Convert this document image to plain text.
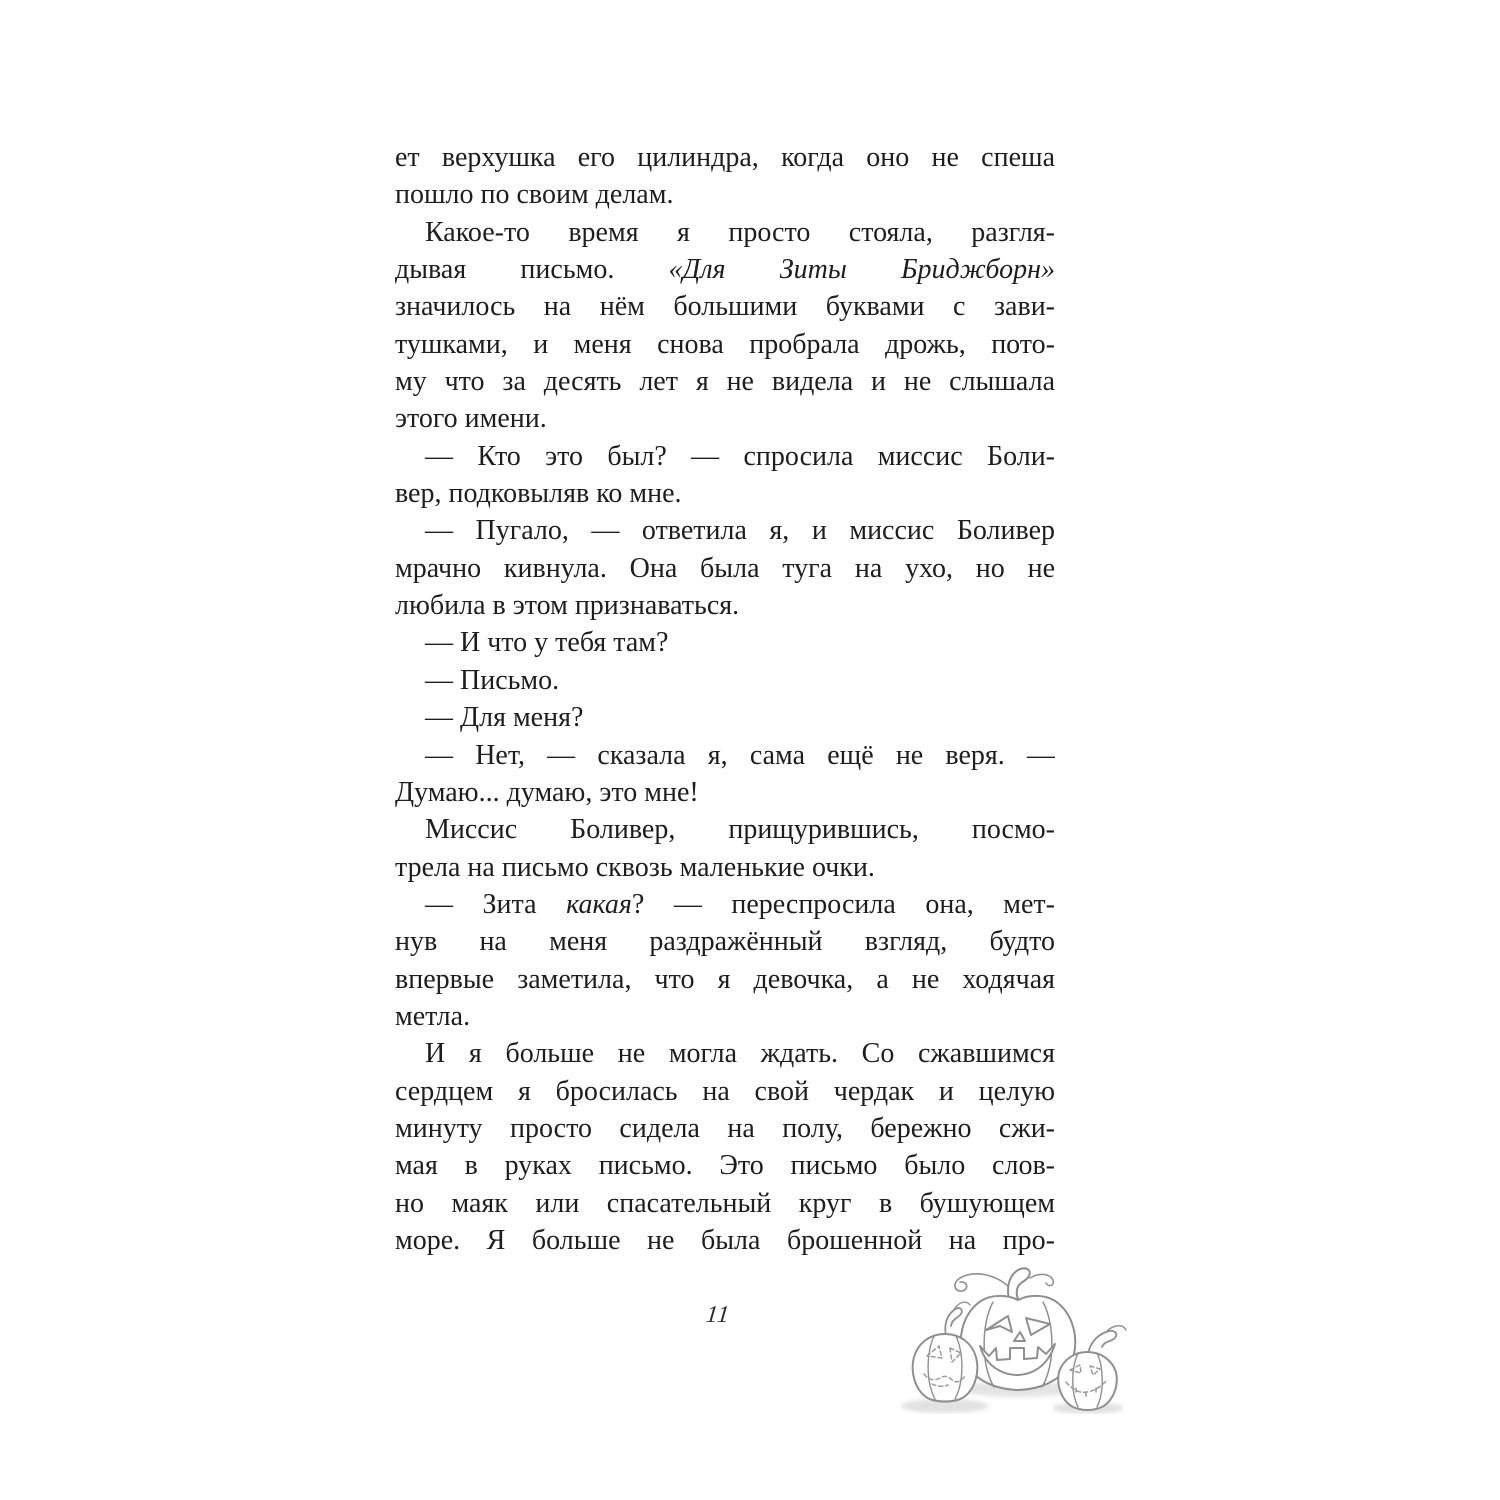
ет верхушка его цилиндра, когда оно не спеша
пошло по своим делам.
Какое-то время я просто стояла, разгля-
дывая письмо. «Для Зиты Бриджборн»
значилось на нём большими буквами с зави-
тушками, и меня снова пробрала дрожь, пото-
му что за десять лет я не видела и не слышала
этого имени.
— Кто это был? — спросила миссис Боли-
вер, подковыляв ко мне.
— Пугало, — ответила я, и миссис Боливер
мрачно кивнула. Она была туга на ухо, но не
любила в этом признаваться.
— И что у тебя там?
— Письмо.
— Для меня?
— Нет, — сказала я, сама ещё не веря. —
Думаю... думаю, это мне!
Миссис Боливер, прищурившись, посмо-
трела на письмо сквозь маленькие очки.
— Зита какая? — переспросила она, мет-
нув на меня раздражённый взгляд, будто
впервые заметила, что я девочка, а не ходячая
метла.
И я больше не могла ждать. Со сжавшимся
сердцем я бросилась на свой чердак и целую
минуту просто сидела на полу, бережно сжи-
мая в руках письмо. Это письмо было слов-
но маяк или спасательный круг в бушующем
море. Я больше не была брошенной на про-
11
